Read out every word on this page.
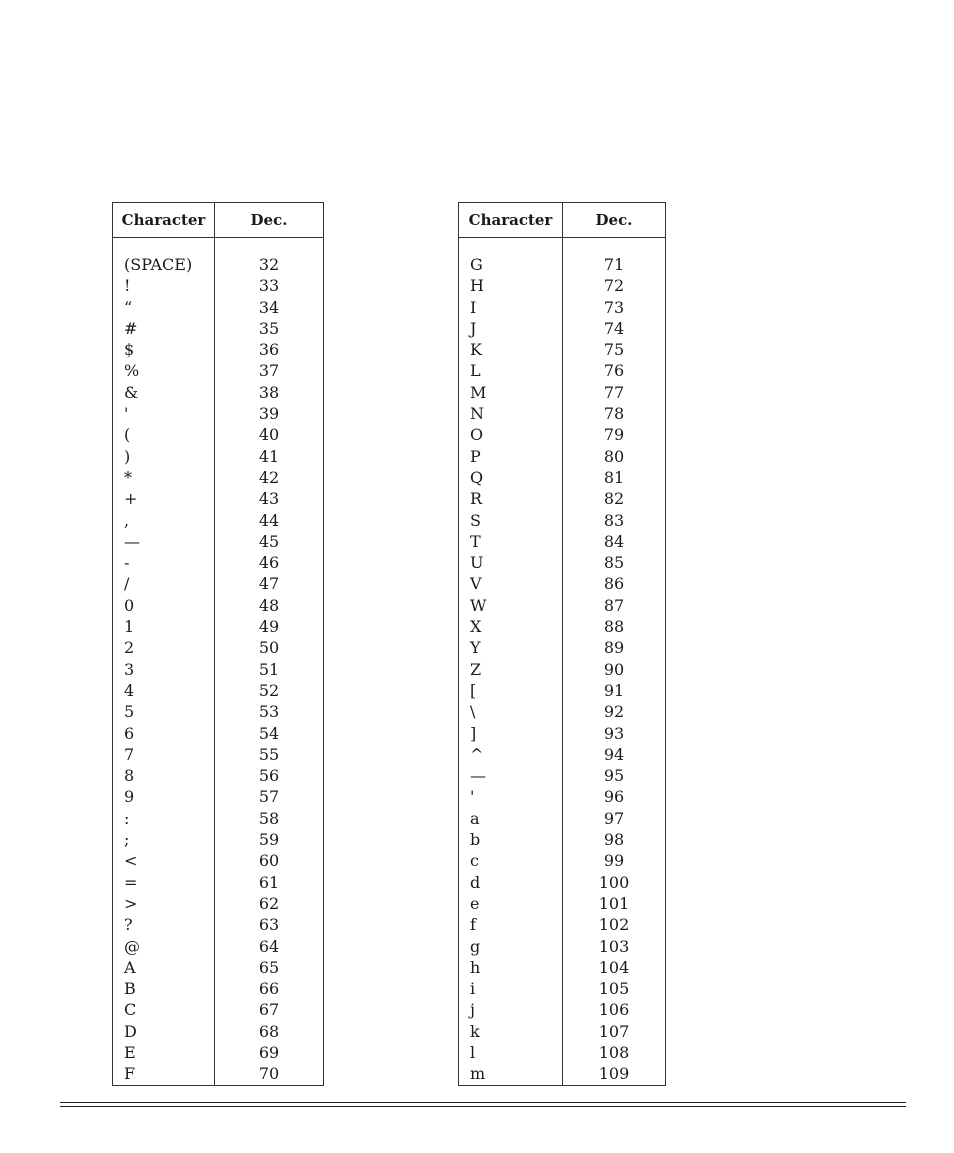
Character	Dec.

(SPACE)	32
!	33
“	34
#	35
$	36
%	37
&	38
'	39
(	40
)	41
*	42
+	43
,	44
—	45
-	46
/	47
0	48
1	49
2	50
3	51
4	52
5	53
6	54
7	55
8	56
9	57
:	58
;	59
<	60
=	61
>	62
?	63
@	64
A	65
B	66
C	67
D	68
E	69
F	70
Character	Dec.

G	71
H	72
I	73
J	74
K	75
L	76
M	77
N	78
O	79
P	80
Q	81
R	82
S	83
T	84
U	85
V	86
W	87
X	88
Y	89
Z	90
[	91
\	92
]	93
^	94
—	95
'	96
a	97
b	98
c	99
d	100
e	101
f	102
g	103
h	104
i	105
j	106
k	107
l	108
m	109
